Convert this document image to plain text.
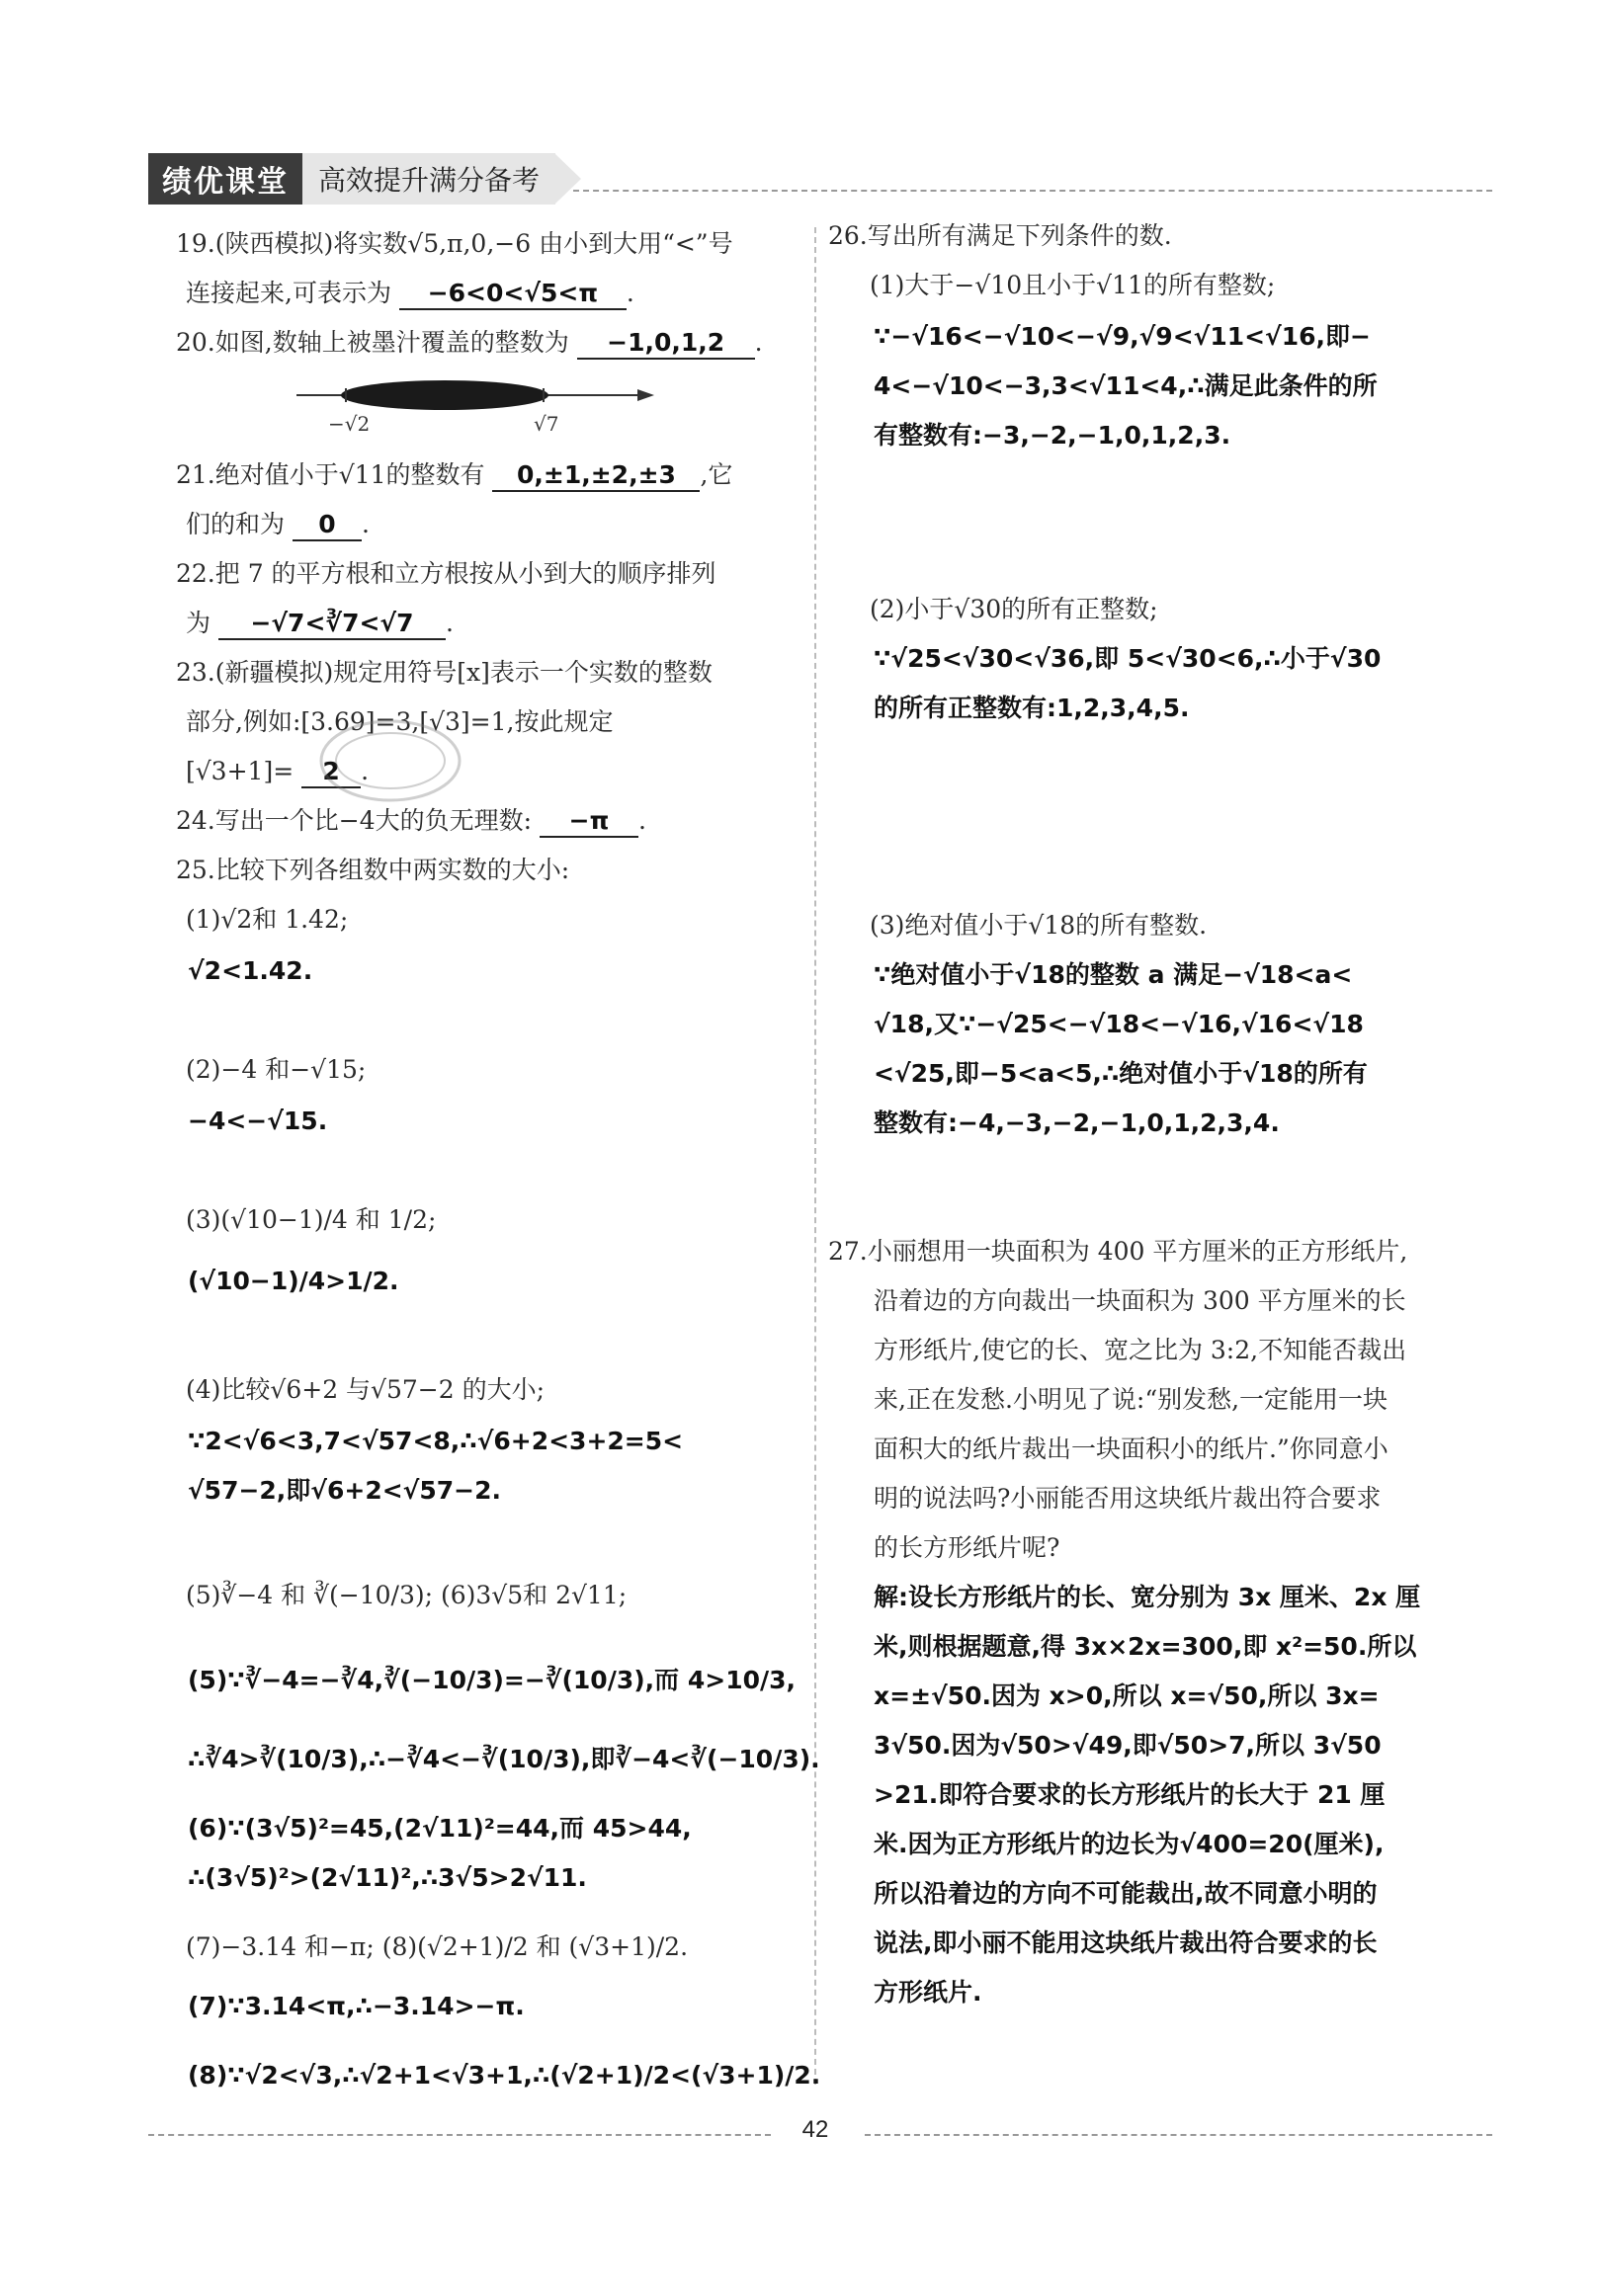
绩优课堂	高效提升满分备考
19.(陕西模拟)将实数√5,π,0,−6 由小到大用“<”号
连接起来,可表示为 −6<0<√5<π .
20.如图,数轴上被墨汁覆盖的整数为 −1,0,1,2 .
−√2	√7
21.绝对值小于√11的整数有 0,±1,±2,±3 ,它
们的和为 0 .
22.把 7 的平方根和立方根按从小到大的顺序排列
为 −√7<∛7<√7 .
23.(新疆模拟)规定用符号[x]表示一个实数的整数
部分,例如:[3.69]=3,[√3]=1,按此规定
[√3+1]= 2 .
24.写出一个比−4大的负无理数: −π .
25.比较下列各组数中两实数的大小:
(1)√2和 1.42;
√2<1.42.
(2)−4 和−√15;
−4<−√15.
(3)(√10−1)/4 和 1/2;
(√10−1)/4>1/2.
(4)比较√6+2 与√57−2 的大小;
∵2<√6<3,7<√57<8,∴√6+2<3+2=5<
√57−2,即√6+2<√57−2.
(5)∛−4 和 ∛(−10/3); (6)3√5和 2√11;
(5)∵∛−4=−∛4,∛(−10/3)=−∛(10/3),而 4>10/3,
∴∛4>∛(10/3),∴−∛4<−∛(10/3),即∛−4<∛(−10/3).
(6)∵(3√5)²=45,(2√11)²=44,而 45>44,
∴(3√5)²>(2√11)²,∴3√5>2√11.
(7)−3.14 和−π; (8)(√2+1)/2 和 (√3+1)/2.
(7)∵3.14<π,∴−3.14>−π.
(8)∵√2<√3,∴√2+1<√3+1,∴(√2+1)/2<(√3+1)/2.
26.写出所有满足下列条件的数.
(1)大于−√10且小于√11的所有整数;
∵−√16<−√10<−√9,√9<√11<√16,即−
4<−√10<−3,3<√11<4,∴满足此条件的所
有整数有:−3,−2,−1,0,1,2,3.
(2)小于√30的所有正整数;
∵√25<√30<√36,即 5<√30<6,∴小于√30
的所有正整数有:1,2,3,4,5.
(3)绝对值小于√18的所有整数.
∵绝对值小于√18的整数 a 满足−√18<a<
√18,又∵−√25<−√18<−√16,√16<√18
<√25,即−5<a<5,∴绝对值小于√18的所有
整数有:−4,−3,−2,−1,0,1,2,3,4.
27.小丽想用一块面积为 400 平方厘米的正方形纸片,
沿着边的方向裁出一块面积为 300 平方厘米的长
方形纸片,使它的长、宽之比为 3:2,不知能否裁出
来,正在发愁.小明见了说:“别发愁,一定能用一块
面积大的纸片裁出一块面积小的纸片.”你同意小
明的说法吗?小丽能否用这块纸片裁出符合要求
的长方形纸片呢?
解:设长方形纸片的长、宽分别为 3x 厘米、2x 厘
米,则根据题意,得 3x×2x=300,即 x²=50.所以
x=±√50.因为 x>0,所以 x=√50,所以 3x=
3√50.因为√50>√49,即√50>7,所以 3√50
>21.即符合要求的长方形纸片的长大于 21 厘
米.因为正方形纸片的边长为√400=20(厘米),
所以沿着边的方向不可能裁出,故不同意小明的
说法,即小丽不能用这块纸片裁出符合要求的长
方形纸片.
42
